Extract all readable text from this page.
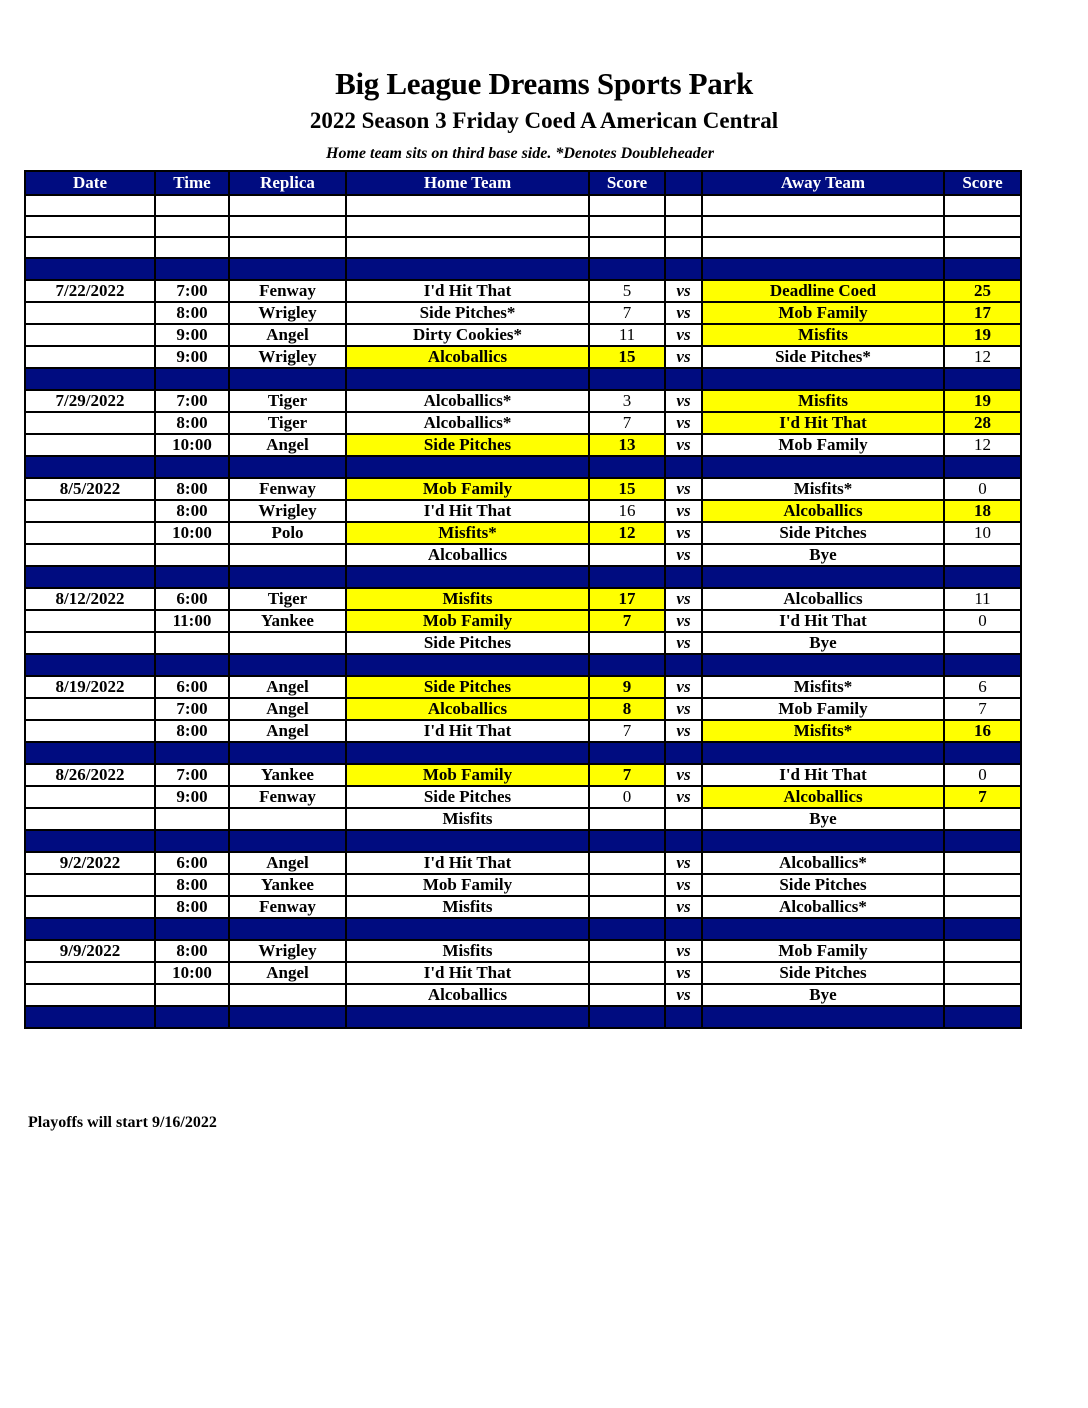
Big League Dreams Sports Park
2022 Season 3 Friday Coed A American Central
Home team sits on third base side. *Denotes Doubleheader
Date	Time	Replica	Home Team	Score		Away Team	Score

7/22/2022	7:00	Fenway	I'd Hit That	5	vs	Deadline Coed	25
	8:00	Wrigley	Side Pitches*	7	vs	Mob Family	17
	9:00	Angel	Dirty Cookies*	11	vs	Misfits	19
	9:00	Wrigley	Alcoballics	15	vs	Side Pitches*	12

7/29/2022	7:00	Tiger	Alcoballics*	3	vs	Misfits	19
	8:00	Tiger	Alcoballics*	7	vs	I'd Hit That	28
	10:00	Angel	Side Pitches	13	vs	Mob Family	12

8/5/2022	8:00	Fenway	Mob Family	15	vs	Misfits*	0
	8:00	Wrigley	I'd Hit That	16	vs	Alcoballics	18
	10:00	Polo	Misfits*	12	vs	Side Pitches	10
			Alcoballics		vs	Bye	

8/12/2022	6:00	Tiger	Misfits	17	vs	Alcoballics	11
	11:00	Yankee	Mob Family	7	vs	I'd Hit That	0
			Side Pitches		vs	Bye	

8/19/2022	6:00	Angel	Side Pitches	9	vs	Misfits*	6
	7:00	Angel	Alcoballics	8	vs	Mob Family	7
	8:00	Angel	I'd Hit That	7	vs	Misfits*	16

8/26/2022	7:00	Yankee	Mob Family	7	vs	I'd Hit That	0
	9:00	Fenway	Side Pitches	0	vs	Alcoballics	7
			Misfits			Bye	

9/2/2022	6:00	Angel	I'd Hit That		vs	Alcoballics*	
	8:00	Yankee	Mob Family		vs	Side Pitches	
	8:00	Fenway	Misfits		vs	Alcoballics*	

9/9/2022	8:00	Wrigley	Misfits		vs	Mob Family	
	10:00	Angel	I'd Hit That		vs	Side Pitches	
			Alcoballics		vs	Bye	

Playoffs will start 9/16/2022
